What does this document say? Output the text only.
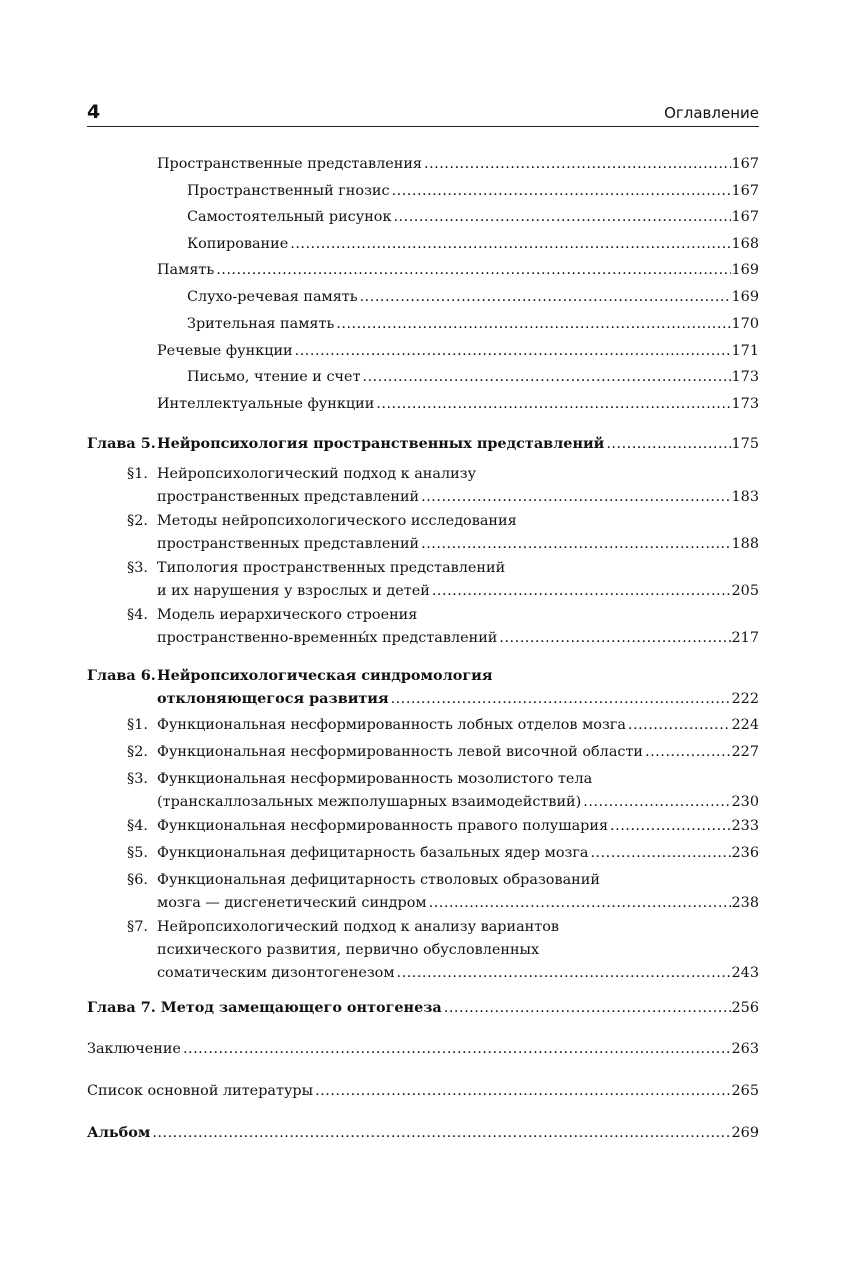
4	Оглавление
Пространственные представления .....	167
Пространственный гнозис .....	167
Самостоятельный рисунок .....	167
Копирование .....	168
Память .....	169
Слухо-речевая память .....	169
Зрительная память .....	170
Речевые функции .....	171
Письмо, чтение и счет .....	173
Интеллектуальные функции .....	173
Глава 5. Нейропсихология пространственных представлений .....	175
§1. Нейропсихологический подход к анализу
пространственных представлений .....	183
§2. Методы нейропсихологического исследования
пространственных представлений .....	188
§3. Типология пространственных представлений
и их нарушения у взрослых и детей .....	205
§4. Модель иерархического строения
пространственно-временны́х представлений .....	217
Глава 6. Нейропсихологическая синдромология
отклоняющегося развития .....	222
§1. Функциональная несформированность лобных отделов мозга .....	224
§2. Функциональная несформированность левой височной области .....	227
§3. Функциональная несформированность мозолистого тела
(транскаллозальных межполушарных взаимодействий) .....	230
§4. Функциональная несформированность правого полушария .....	233
§5. Функциональная дефицитарность базальных ядер мозга .....	236
§6. Функциональная дефицитарность стволовых образований
мозга — дисгенетический синдром .....	238
§7. Нейропсихологический подход к анализу вариантов
психического развития, первично обусловленных
соматическим дизонтогенезом .....	243
Глава 7. Метод замещающего онтогенеза .....	256
Заключение .....	263
Список основной литературы .....	265
Альбом .....	269
